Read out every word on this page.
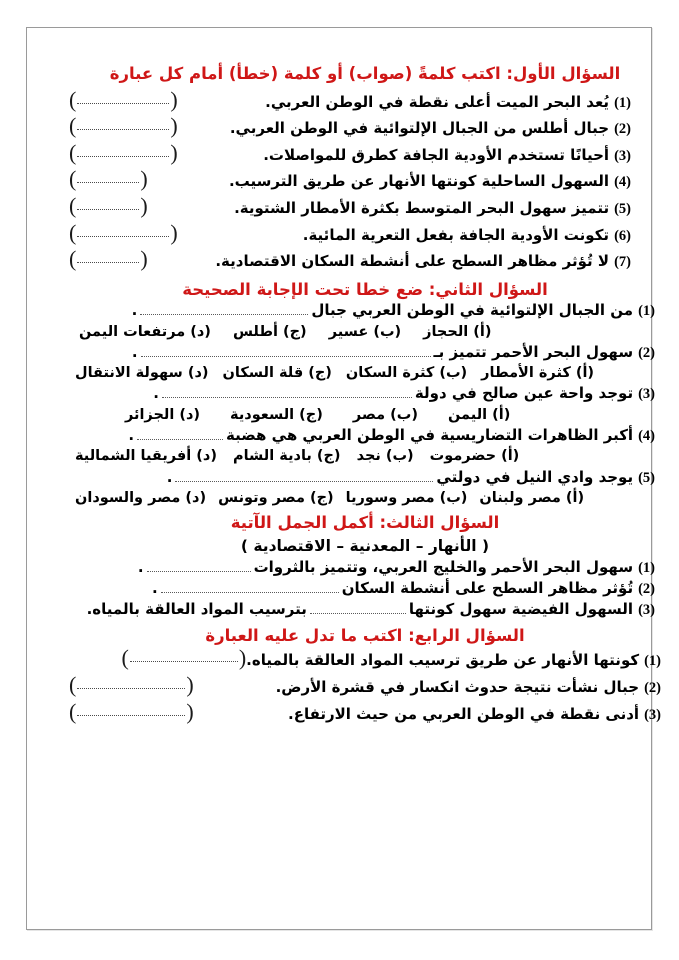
السؤال الأول: اكتب كلمةً (صواب) أو كلمة (خطأ) أمام كل عبارة
(1)
يُعد البحر الميت أعلى نقطة في الوطن العربي.
(	)
(2)
جبال أطلس من الجبال الإلتوائية في الوطن العربي.
(	)
(3)
أحيانًا تستخدم الأودية الجافة كطرق للمواصلات.
(	)
(4)
السهول الساحلية كونتها الأنهار عن طريق الترسيب.
(	)
(5)
تتميز سهول البحر المتوسط بكثرة الأمطار الشتوية.
(	)
(6)
تكونت الأودية الجافة بفعل التعرية المائية.
(	)
(7)
لا تُؤثر مظاهر السطح على أنشطة السكان الاقتصادية.
(	)
السؤال الثاني: ضع خطا تحت الإجابة الصحيحة
(1)
من الجبال الإلتوائية في الوطن العربي جبال
.
(أ)
الحجاز
(ب)
عسير
(ج)
أطلس
(د)
مرتفعات اليمن
(2)
سهول البحر الأحمر تتميز بـ
.
(أ)
كثرة الأمطار
(ب)
كثرة السكان
(ج)
قلة السكان
(د)
سهولة الانتقال
(3)
توجد واحة عين صالح في دولة
.
(أ)
اليمن
(ب)
مصر
(ج)
السعودية
(د)
الجزائر
(4)
أكبر الظاهرات التضاريسية في الوطن العربي هي هضبة
.
(أ)
حضرموت
(ب)
نجد
(ج)
بادية الشام
(د)
أفريقيا الشمالية
(5)
يوجد وادي النيل في دولتي
.
(أ)
مصر ولبنان
(ب)
مصر وسوريا
(ج)
مصر وتونس
(د)
مصر والسودان
السؤال الثالث: أكمل الجمل الآتية
( الأنهار – المعدنية – الاقتصادية )
(1)
سهول البحر الأحمر والخليج العربي، وتتميز بالثروات
.
(2)
تُؤثر مظاهر السطح على أنشطة السكان
.
(3)
السهول الفيضية سهول كونتها
بترسيب المواد العالقة بالمياه.
السؤال الرابع: اكتب ما تدل عليه العبارة
(1)
كونتها الأنهار عن طريق ترسيب المواد العالقة بالمياه.
(	)
(2)
جبال نشأت نتيجة حدوث انكسار في قشرة الأرض.
(	)
(3)
أدنى نقطة في الوطن العربي من حيث الارتفاع.
(	)
